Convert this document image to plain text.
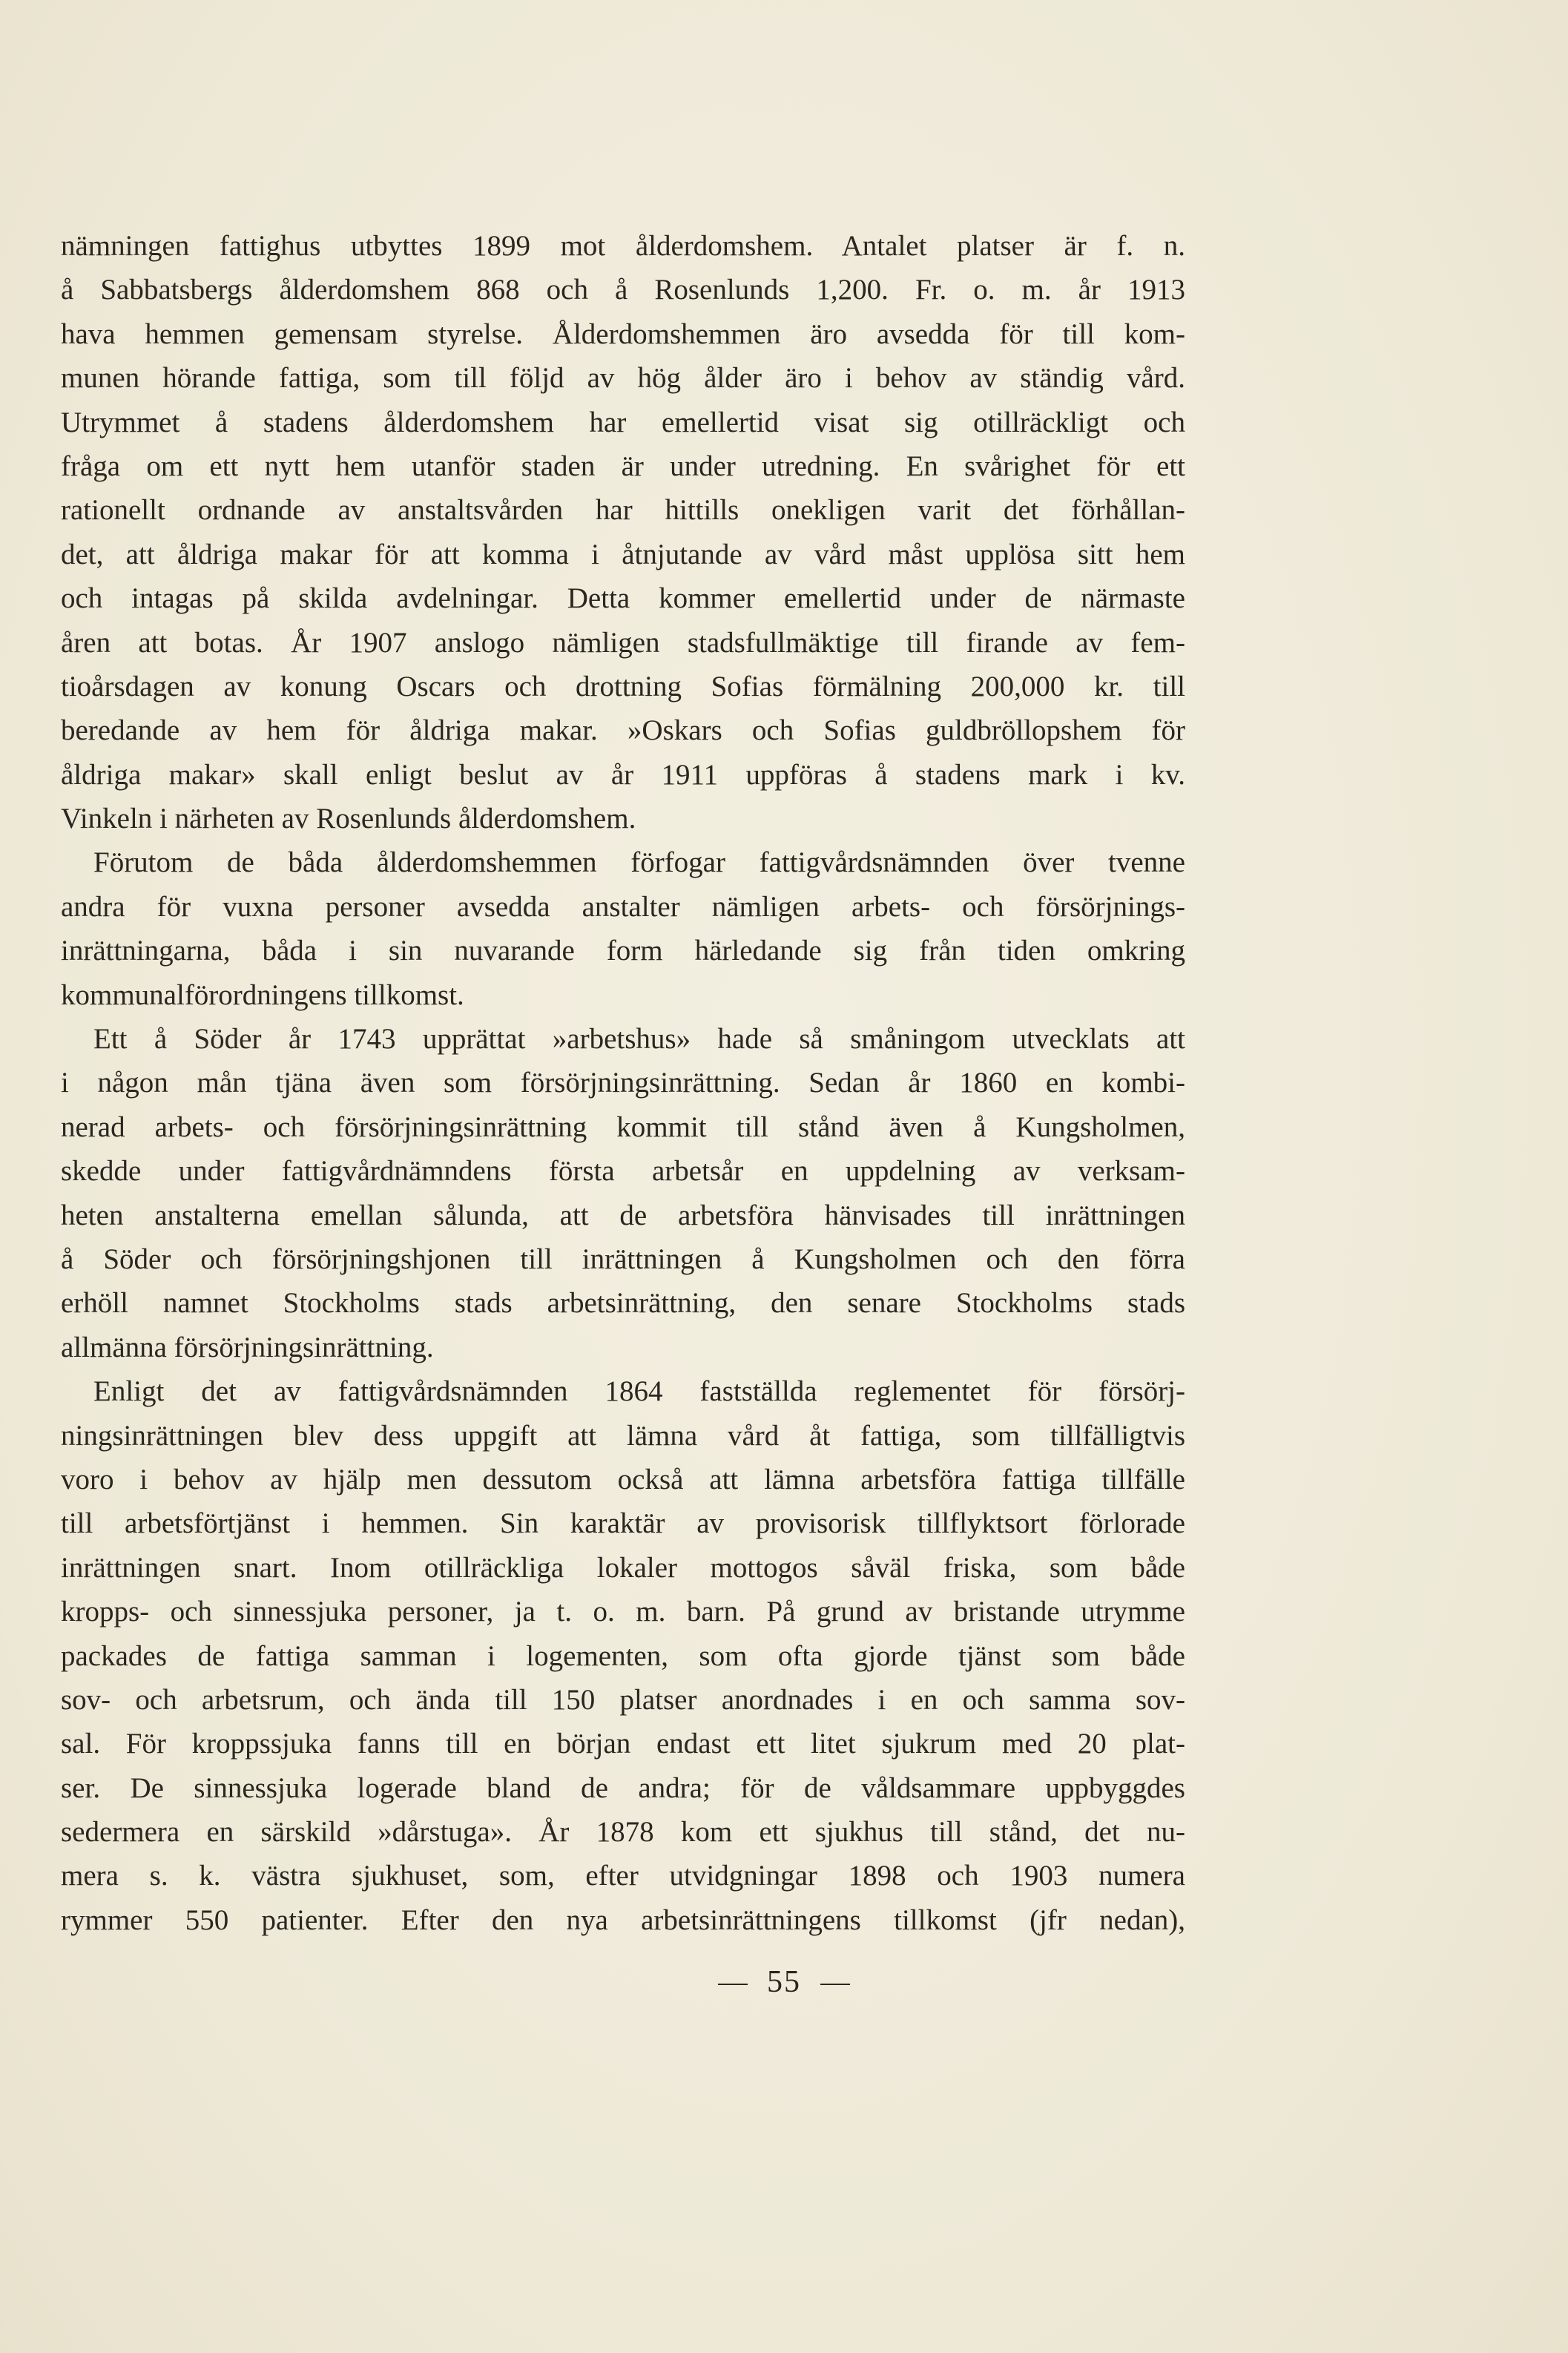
nämningen fattighus utbyttes 1899 mot ålderdomshem. Antalet platser är f. n.
å Sabbatsbergs ålderdomshem 868 och å Rosenlunds 1,200. Fr. o. m. år 1913
hava hemmen gemensam styrelse. Ålderdomshemmen äro avsedda för till kom-
munen hörande fattiga, som till följd av hög ålder äro i behov av ständig vård.
Utrymmet å stadens ålderdomshem har emellertid visat sig otillräckligt och
fråga om ett nytt hem utanför staden är under utredning. En svårighet för ett
rationellt ordnande av anstaltsvården har hittills onekligen varit det förhållan-
det, att åldriga makar för att komma i åtnjutande av vård måst upplösa sitt hem
och intagas på skilda avdelningar. Detta kommer emellertid under de närmaste
åren att botas. År 1907 anslogo nämligen stadsfullmäktige till firande av fem-
tioårsdagen av konung Oscars och drottning Sofias förmälning 200,000 kr. till
beredande av hem för åldriga makar. »Oskars och Sofias guldbröllopshem för
åldriga makar» skall enligt beslut av år 1911 uppföras å stadens mark i kv.
Vinkeln i närheten av Rosenlunds ålderdomshem.
Förutom de båda ålderdomshemmen förfogar fattigvårdsnämnden över tvenne
andra för vuxna personer avsedda anstalter nämligen arbets- och försörjnings-
inrättningarna, båda i sin nuvarande form härledande sig från tiden omkring
kommunalförordningens tillkomst.
Ett å Söder år 1743 upprättat »arbetshus» hade så småningom utvecklats att
i någon mån tjäna även som försörjningsinrättning. Sedan år 1860 en kombi-
nerad arbets- och försörjningsinrättning kommit till stånd även å Kungsholmen,
skedde under fattigvårdnämndens första arbetsår en uppdelning av verksam-
heten anstalterna emellan sålunda, att de arbetsföra hänvisades till inrättningen
å Söder och försörjningshjonen till inrättningen å Kungsholmen och den förra
erhöll namnet Stockholms stads arbetsinrättning, den senare Stockholms stads
allmänna försörjningsinrättning.
Enligt det av fattigvårdsnämnden 1864 fastställda reglementet för försörj-
ningsinrättningen blev dess uppgift att lämna vård åt fattiga, som tillfälligtvis
voro i behov av hjälp men dessutom också att lämna arbetsföra fattiga tillfälle
till arbetsförtjänst i hemmen. Sin karaktär av provisorisk tillflyktsort förlorade
inrättningen snart. Inom otillräckliga lokaler mottogos såväl friska, som både
kropps- och sinnessjuka personer, ja t. o. m. barn. På grund av bristande utrymme
packades de fattiga samman i logementen, som ofta gjorde tjänst som både
sov- och arbetsrum, och ända till 150 platser anordnades i en och samma sov-
sal. För kroppssjuka fanns till en början endast ett litet sjukrum med 20 plat-
ser. De sinnessjuka logerade bland de andra; för de våldsammare uppbyggdes
sedermera en särskild »dårstuga». År 1878 kom ett sjukhus till stånd, det nu-
mera s. k. västra sjukhuset, som, efter utvidgningar 1898 och 1903 numera
rymmer 550 patienter. Efter den nya arbetsinrättningens tillkomst (jfr nedan),
55
